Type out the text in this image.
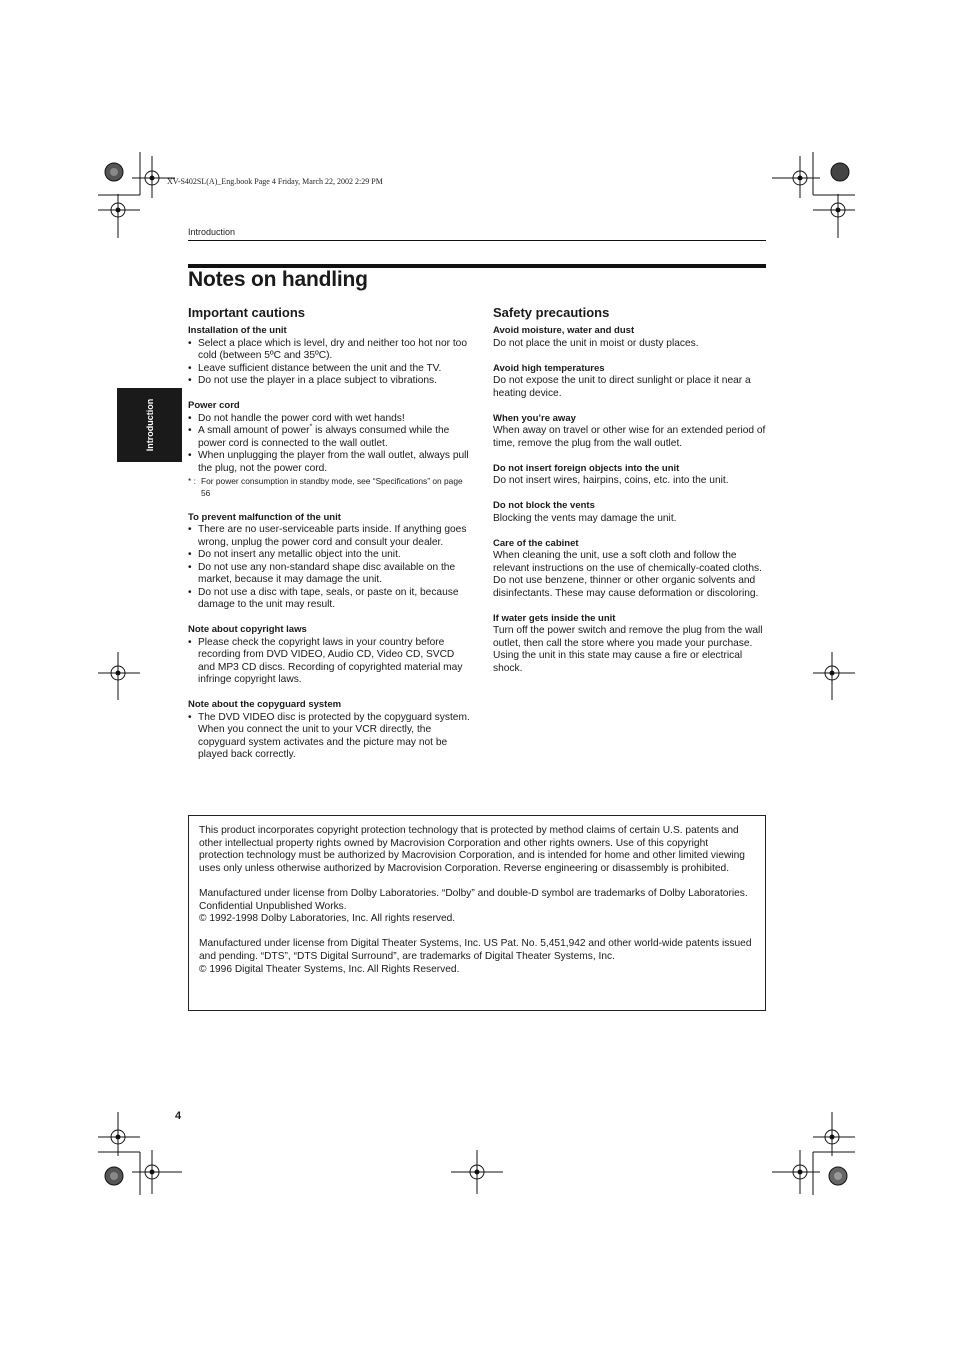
XV-S402SL(A)_Eng.book Page 4 Friday, March 22, 2002 2:29 PM
Introduction
Introduction
Notes on handling
Important cautions
Installation of the unit
• Select a place which is level, dry and neither too hot nor too cold (between 5ºC and 35ºC).
• Leave sufficient distance between the unit and the TV.
• Do not use the player in a place subject to vibrations.
Power cord
• Do not handle the power cord with wet hands!
• A small amount of power* is always consumed while the power cord is connected to the wall outlet.
• When unplugging the player from the wall outlet, always pull the plug, not the power cord.
* : For power consumption in standby mode, see “Specifications” on page 56
To prevent malfunction of the unit
• There are no user-serviceable parts inside. If anything goes wrong, unplug the power cord and consult your dealer.
• Do not insert any metallic object into the unit.
• Do not use any non-standard shape disc available on the market, because it may damage the unit.
• Do not use a disc with tape, seals, or paste on it, because damage to the unit may result.
Note about copyright laws
• Please check the copyright laws in your country before recording from DVD VIDEO, Audio CD, Video CD, SVCD and MP3 CD discs. Recording of copyrighted material may infringe copyright laws.
Note about the copyguard system
• The DVD VIDEO disc is protected by the copyguard system. When you connect the unit to your VCR directly, the copyguard system activates and the picture may not be played back correctly.
Safety precautions
Avoid moisture, water and dust

Do not place the unit in moist or dusty places.

Avoid high temperatures

Do not expose the unit to direct sunlight or place it near a heating device.

When you’re away

When away on travel or other wise for an extended period of time, remove the plug from the wall outlet.

Do not insert foreign objects into the unit

Do not insert wires, hairpins, coins, etc. into the unit.

Do not block the vents

Blocking the vents may damage the unit.

Care of the cabinet

When cleaning the unit, use a soft cloth and follow the relevant instructions on the use of chemically-coated cloths. Do not use benzene, thinner or other organic solvents and disinfectants. These may cause deformation or discoloring.

If water gets inside the unit

Turn off the power switch and remove the plug from the wall outlet, then call the store where you made your purchase. Using the unit in this state may cause a fire or electrical shock.

This product incorporates copyright protection technology that is protected by method claims of certain U.S. patents and other intellectual property rights owned by Macrovision Corporation and other rights owners. Use of this copyright protection technology must be authorized by Macrovision Corporation, and is intended for home and other limited viewing uses only unless otherwise authorized by Macrovision Corporation. Reverse engineering or disassembly is prohibited.

Manufactured under license from Dolby Laboratories. “Dolby” and double-D symbol are trademarks of Dolby Laboratories.
Confidential Unpublished Works.
© 1992-1998 Dolby Laboratories, Inc. All rights reserved.
Manufactured under license from Digital Theater Systems, Inc. US Pat. No. 5,451,942 and other world-wide patents issued and pending. “DTS”, “DTS Digital Surround”, are trademarks of Digital Theater Systems, Inc.
© 1996 Digital Theater Systems, Inc. All Rights Reserved.
4
